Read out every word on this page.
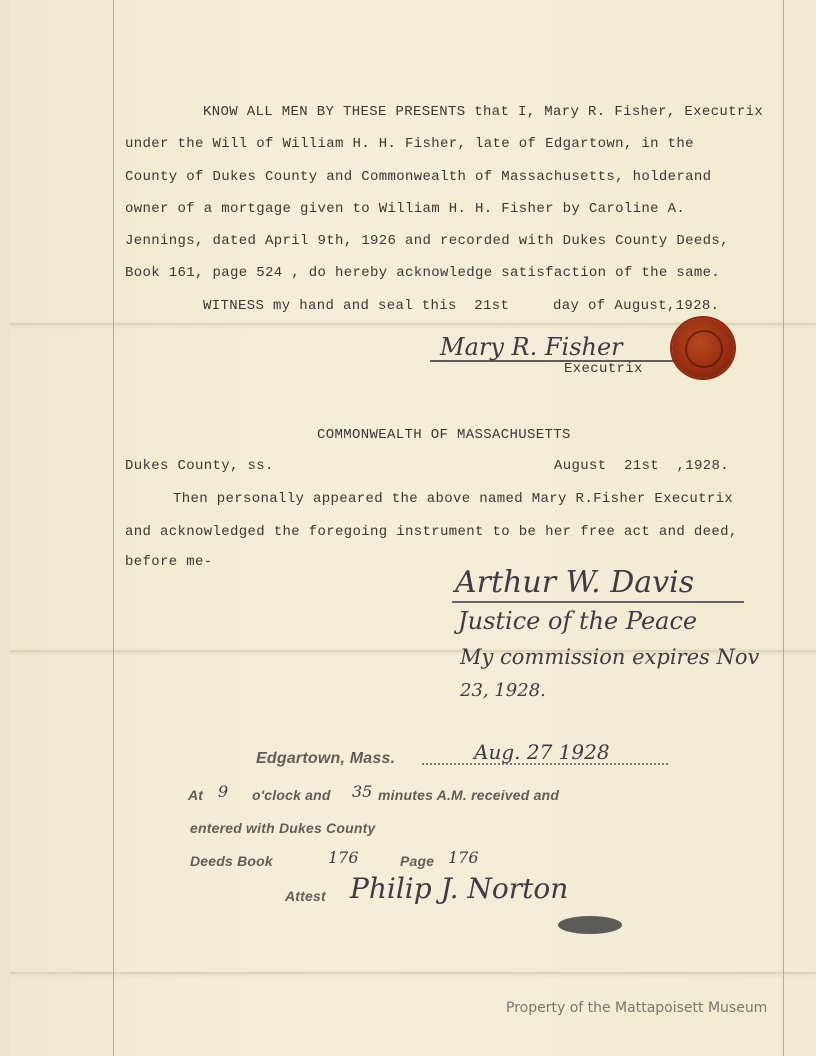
KNOW ALL MEN BY THESE PRESENTS that I, Mary R. Fisher, Executrix
under the Will of William H. H. Fisher, late of Edgartown, in the
County of Dukes County and Commonwealth of Massachusetts, holderand
owner of a mortgage given to William H. H. Fisher by Caroline A.
Jennings, dated April 9th, 1926 and recorded with Dukes County Deeds,
Book 161, page 524 , do hereby acknowledge satisfaction of the same.
WITNESS my hand and seal this  21st     day of August,1928.
Mary R. Fisher
Executrix
COMMONWEALTH OF MASSACHUSETTS
Dukes County, ss.	August  21st  ,1928.
Then personally appeared the above named Mary R.Fisher Executrix
and acknowledged the foregoing instrument to be her free act and deed,
before me-
Arthur W. Davis
Justice of the Peace
My commission expires Nov
23, 1928.
Edgartown, Mass.	Aug. 27 1928
At 9 o'clock and 35 minutes A.M. received and
entered with Dukes County
Deeds Book	176	Page 176
Attest Philip J. Norton
Property of the Mattapoisett Museum
